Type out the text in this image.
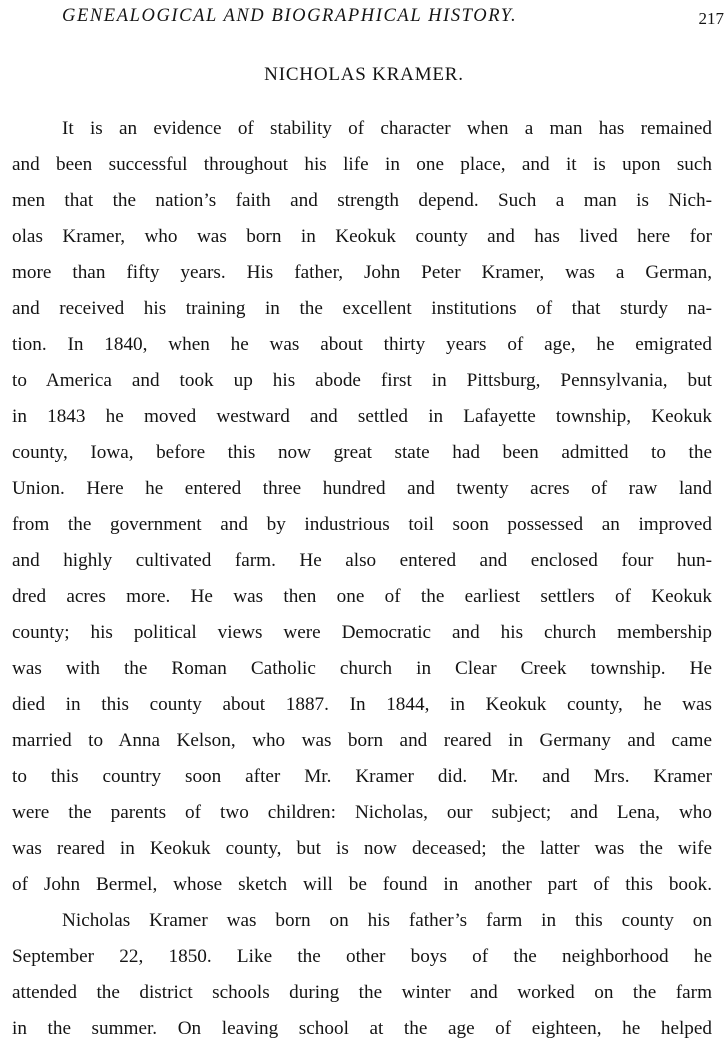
GENEALOGICAL AND BIOGRAPHICAL HISTORY.	217
NICHOLAS KRAMER.
It is an evidence of stability of character when a man has remained
and been successful throughout his life in one place, and it is upon such
men that the nation’s faith and strength depend. Such a man is Nich-
olas Kramer, who was born in Keokuk county and has lived here for
more than fifty years. His father, John Peter Kramer, was a German,
and received his training in the excellent institutions of that sturdy na-
tion. In 1840, when he was about thirty years of age, he emigrated
to America and took up his abode first in Pittsburg, Pennsylvania, but
in 1843 he moved westward and settled in Lafayette township, Keokuk
county, Iowa, before this now great state had been admitted to the
Union. Here he entered three hundred and twenty acres of raw land
from the government and by industrious toil soon possessed an improved
and highly cultivated farm. He also entered and enclosed four hun-
dred acres more. He was then one of the earliest settlers of Keokuk
county; his political views were Democratic and his church membership
was with the Roman Catholic church in Clear Creek township. He
died in this county about 1887. In 1844, in Keokuk county, he was
married to Anna Kelson, who was born and reared in Germany and came
to this country soon after Mr. Kramer did. Mr. and Mrs. Kramer
were the parents of two children: Nicholas, our subject; and Lena, who
was reared in Keokuk county, but is now deceased; the latter was the wife
of John Bermel, whose sketch will be found in another part of this book.
Nicholas Kramer was born on his father’s farm in this county on
September 22, 1850. Like the other boys of the neighborhood he
attended the district schools during the winter and worked on the farm
in the summer. On leaving school at the age of eighteen, he helped
